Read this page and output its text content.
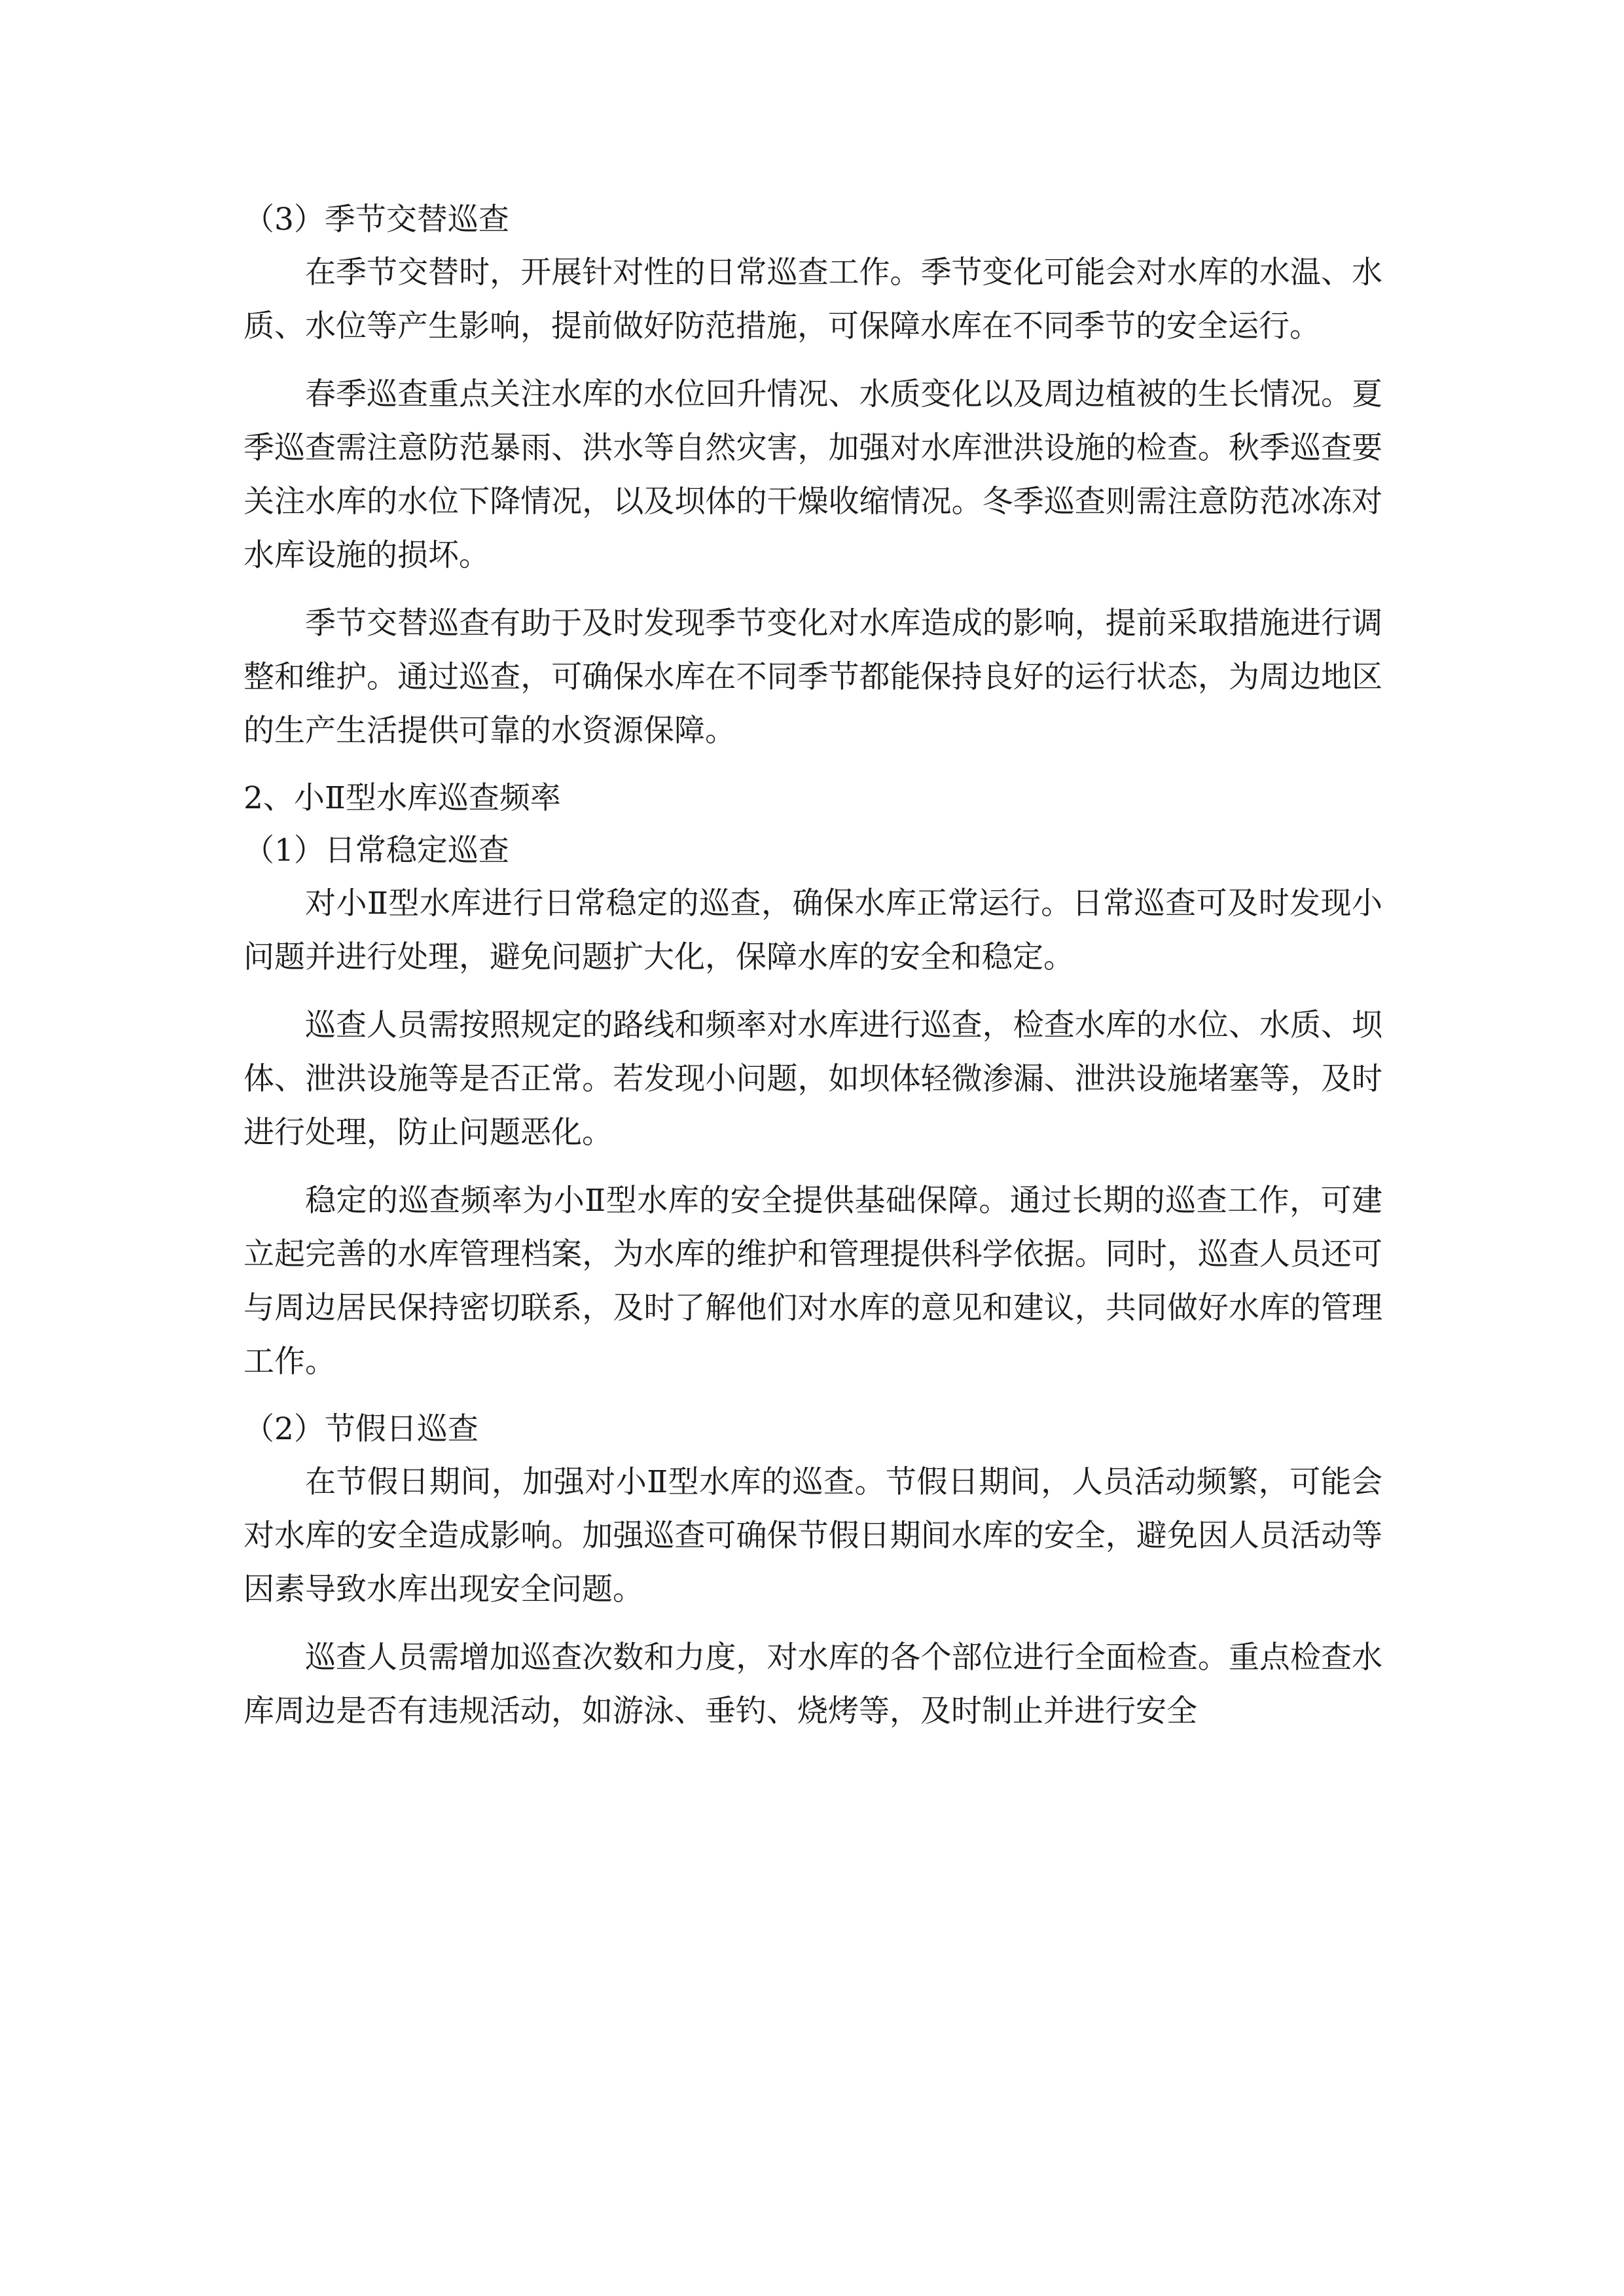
（3）季节交替巡查

在季节交替时，开展针对性的日常巡查工作。季节变化可能会对水库的水温、水质、水位等产生影响，提前做好防范措施，可保障水库在不同季节的安全运行。

春季巡查重点关注水库的水位回升情况、水质变化以及周边植被的生长情况。夏季巡查需注意防范暴雨、洪水等自然灾害，加强对水库泄洪设施的检查。秋季巡查要关注水库的水位下降情况，以及坝体的干燥收缩情况。冬季巡查则需注意防范冰冻对水库设施的损坏。

季节交替巡查有助于及时发现季节变化对水库造成的影响，提前采取措施进行调整和维护。通过巡查，可确保水库在不同季节都能保持良好的运行状态，为周边地区的生产生活提供可靠的水资源保障。

2、小Ⅱ型水库巡查频率

（1）日常稳定巡查

对小Ⅱ型水库进行日常稳定的巡查，确保水库正常运行。日常巡查可及时发现小问题并进行处理，避免问题扩大化，保障水库的安全和稳定。

巡查人员需按照规定的路线和频率对水库进行巡查，检查水库的水位、水质、坝体、泄洪设施等是否正常。若发现小问题，如坝体轻微渗漏、泄洪设施堵塞等，及时进行处理，防止问题恶化。

稳定的巡查频率为小Ⅱ型水库的安全提供基础保障。通过长期的巡查工作，可建立起完善的水库管理档案，为水库的维护和管理提供科学依据。同时，巡查人员还可与周边居民保持密切联系，及时了解他们对水库的意见和建议，共同做好水库的管理工作。

（2）节假日巡查

在节假日期间，加强对小Ⅱ型水库的巡查。节假日期间，人员活动频繁，可能会对水库的安全造成影响。加强巡查可确保节假日期间水库的安全，避免因人员活动等因素导致水库出现安全问题。

巡查人员需增加巡查次数和力度，对水库的各个部位进行全面检查。重点检查水库周边是否有违规活动，如游泳、垂钓、烧烤等，及时制止并进行安全
